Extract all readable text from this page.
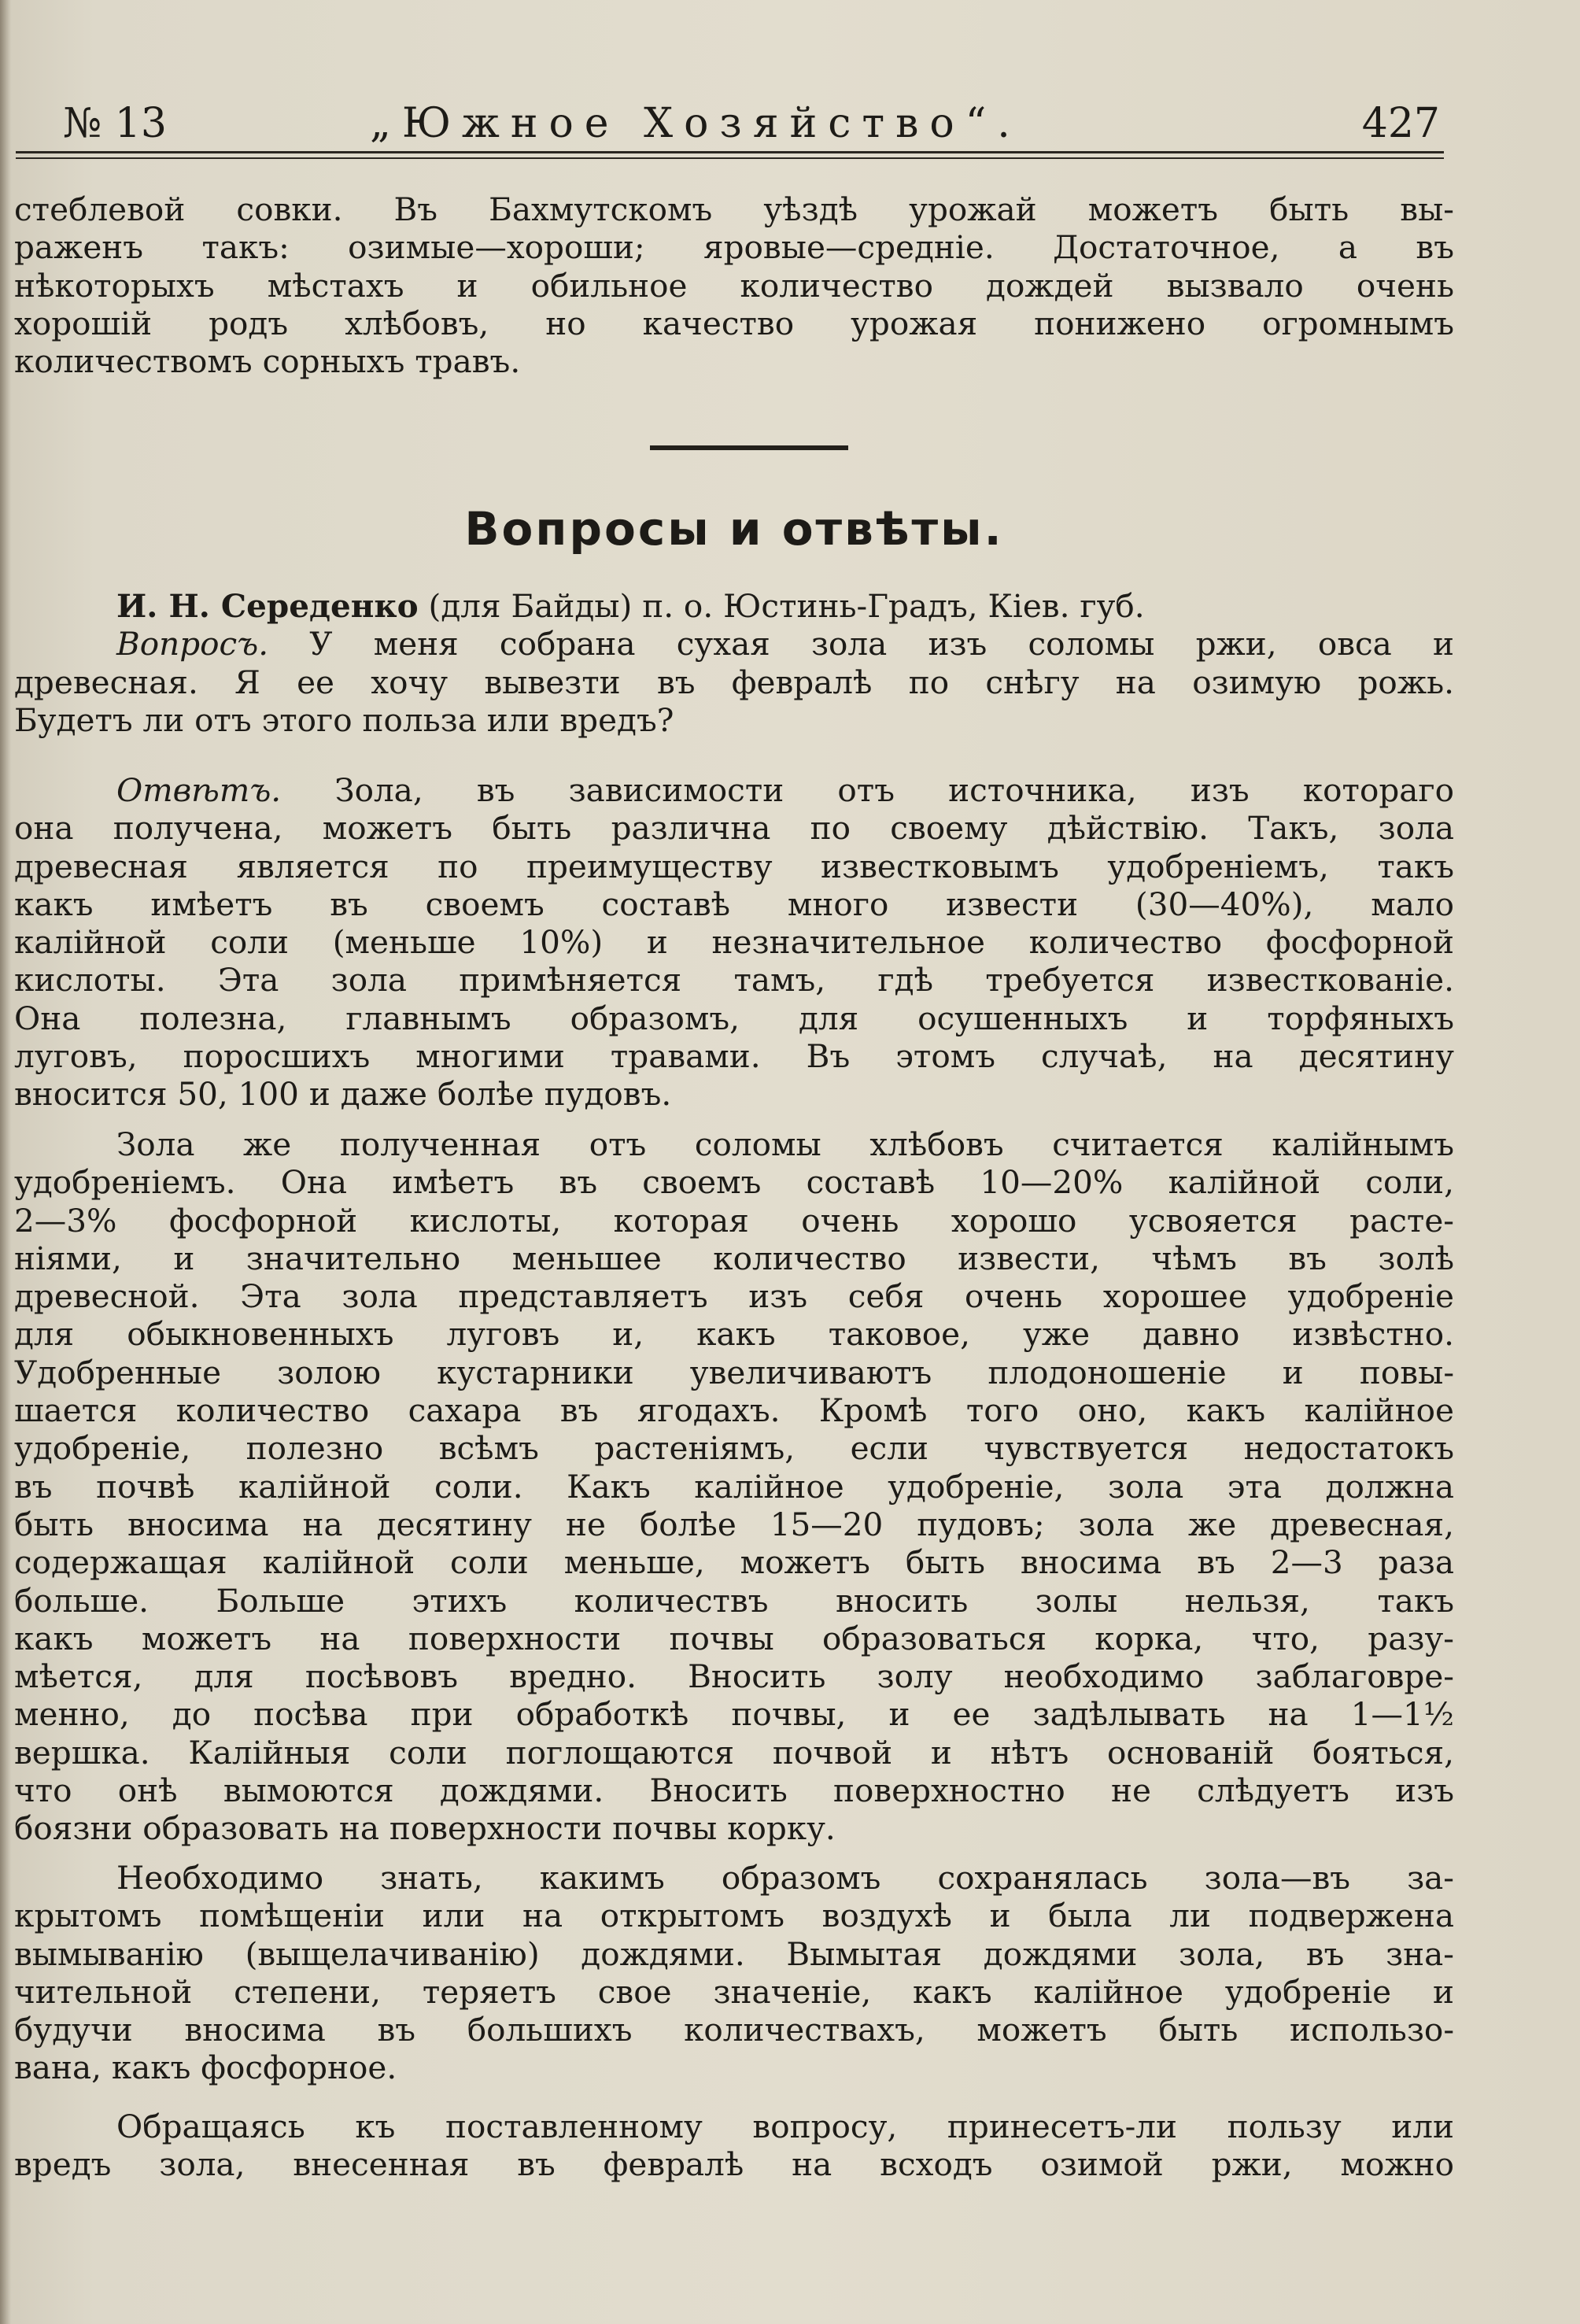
№ 13	„Южное Хозяйство“.	427
стеблевой совки. Въ Бахмутскомъ уѣздѣ урожай можетъ быть вы-
раженъ такъ: озимые—хороши; яровые—средніе. Достаточное, а въ
нѣкоторыхъ мѣстахъ и обильное количество дождей вызвало очень
хорошій родъ хлѣбовъ, но качество урожая понижено огромнымъ
количествомъ сорныхъ травъ.
Вопросы и отвѣты.
И. Н. Середенко (для Байды) п. о. Юстинь-Градъ, Кіев. губ.
Вопросъ. У меня собрана сухая зола изъ соломы ржи, овса и
древесная. Я ее хочу вывезти въ февралѣ по снѣгу на озимую рожь.
Будетъ ли отъ этого польза или вредъ?
Отвѣтъ. Зола, въ зависимости отъ источника, изъ котораго
она получена, можетъ быть различна по своему дѣйствію. Такъ, зола
древесная является по преимуществу известковымъ удобреніемъ, такъ
какъ имѣетъ въ своемъ составѣ много извести (30—40%), мало
калійной соли (меньше 10%) и незначительное количество фосфорной
кислоты. Эта зола примѣняется тамъ, гдѣ требуется известкованіе.
Она полезна, главнымъ образомъ, для осушенныхъ и торфяныхъ
луговъ, поросшихъ многими травами. Въ этомъ случаѣ, на десятину
вносится 50, 100 и даже болѣе пудовъ.
Зола же полученная отъ соломы хлѣбовъ считается калійнымъ
удобреніемъ. Она имѣетъ въ своемъ составѣ 10—20% калійной соли,
2—3% фосфорной кислоты, которая очень хорошо усвояется расте-
ніями, и значительно меньшее количество извести, чѣмъ въ золѣ
древесной. Эта зола представляетъ изъ себя очень хорошее удобреніе
для обыкновенныхъ луговъ и, какъ таковое, уже давно извѣстно.
Удобренные золою кустарники увеличиваютъ плодоношеніе и повы-
шается количество сахара въ ягодахъ. Кромѣ того оно, какъ калійное
удобреніе, полезно всѣмъ растеніямъ, если чувствуется недостатокъ
въ почвѣ калійной соли. Какъ калійное удобреніе, зола эта должна
быть вносима на десятину не болѣе 15—20 пудовъ; зола же древесная,
содержащая калійной соли меньше, можетъ быть вносима въ 2—3 раза
больше. Больше этихъ количествъ вносить золы нельзя, такъ
какъ можетъ на поверхности почвы образоваться корка, что, разу-
мѣется, для посѣвовъ вредно. Вносить золу необходимо заблаговре-
менно, до посѣва при обработкѣ почвы, и ее задѣлывать на 1—1½
вершка. Калійныя соли поглощаются почвой и нѣтъ основаній бояться,
что онѣ вымоются дождями. Вносить поверхностно не слѣдуетъ изъ
боязни образовать на поверхности почвы корку.
Необходимо знать, какимъ образомъ сохранялась зола—въ за-
крытомъ помѣщеніи или на открытомъ воздухѣ и была ли подвержена
вымыванію (выщелачиванію) дождями. Вымытая дождями зола, въ зна-
чительной степени, теряетъ свое значеніе, какъ калійное удобреніе и
будучи вносима въ большихъ количествахъ, можетъ быть использо-
вана, какъ фосфорное.
Обращаясь къ поставленному вопросу, принесетъ-ли пользу или
вредъ зола, внесенная въ февралѣ на всходъ озимой ржи, можно
